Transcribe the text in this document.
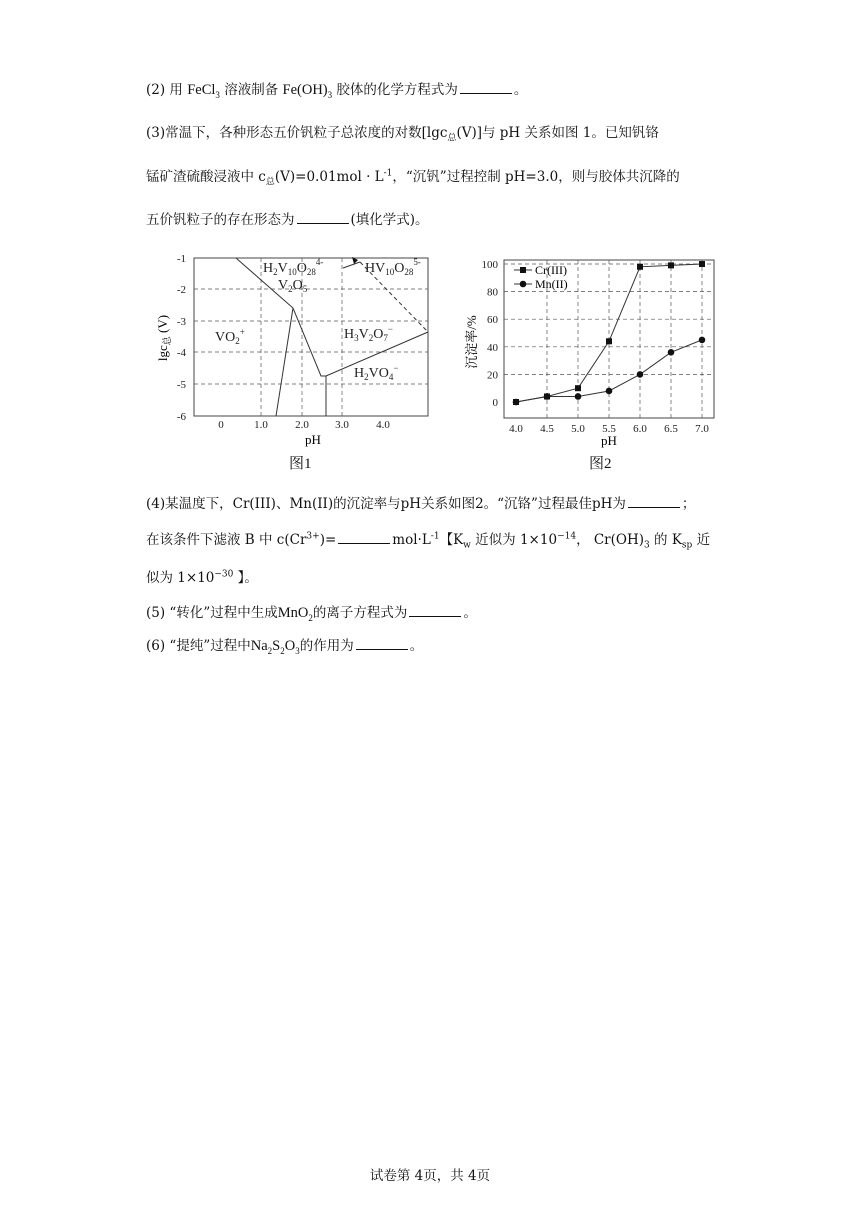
(2) 用 FeCl$_3$ 溶液制备 $Fe(OH)_3$ 胶体的化学方程式为	。
(3)常温下，各种形态五价钒粒子总浓度的对数[lgc$_总$(V)]与 pH 关系如图 1。已知钒铬
锰矿渣硫酸浸液中 $c_总(V)=0.01mol \cdot L^{-1}$，“沉钒”过程控制 pH=3.0，则与胶体共沉降的
五价钒粒子的存在形态为	(填化学式)。
-1
-2
-3
-4
-5
-6
0	1.0 2.0 3.0 4.0
pH
lgc$_总$ (V)
$H_2V_{10}O_{28}^{4-}$
$V_2O_5$
$HV_{10}O_{28}^{5-}$
$VO_2^+$	$H_3V_2O_7^-$
$H_2VO_4^-$
图1
0
20
40
60
80
100
4.0 4.5 5.0 5.5 6.0 6.5 7.0
pH
沉淀率/%
Cr(III)
Mn(II)
图2
(4)某温度下，Cr(III)、Mn(II)的沉淀率与pH关系如图2。“沉铬”过程最佳pH为	；
在该条件下滤液 B 中 $c(Cr^{3+})=$	$mol\cdot L^{-1}$【$K_w$ 近似为 $1\times 10^{-14}$， $Cr(OH)_3$ 的 $K_{sp}$ 近
似为 $1\times 10^{-30}$ 】。
(5) “转化”过程中生成MnO$_2$的离子方程式为	。
(6) “提纯”过程中$Na_2S_2O_3$的作用为	。
试卷第 4页，共 4页
